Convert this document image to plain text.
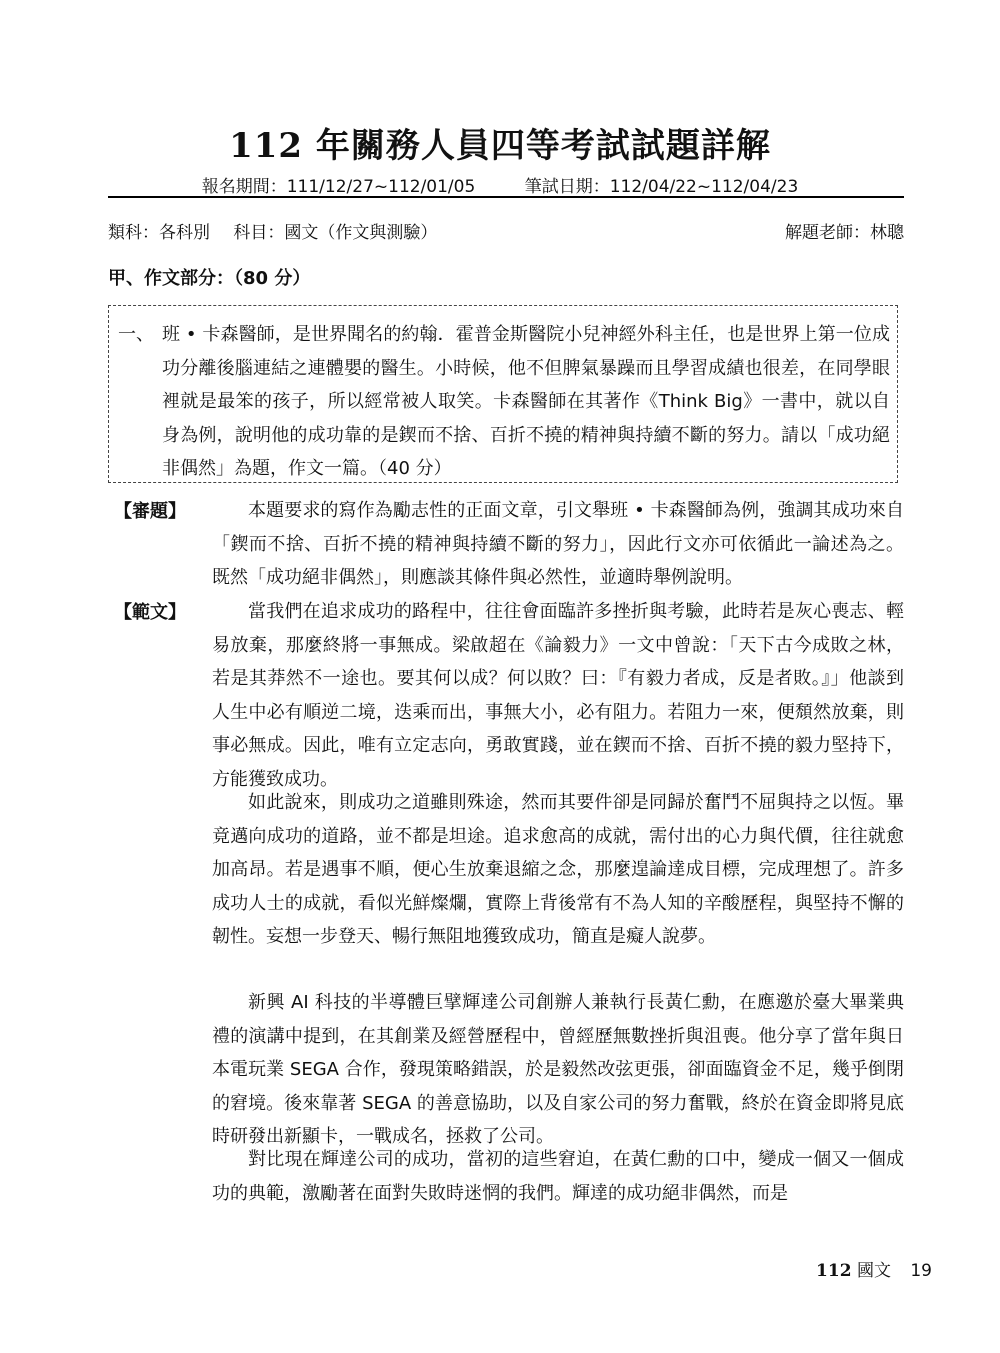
112 年關務人員四等考試試題詳解
報名期間：111/12/27~112/01/05	筆試日期：112/04/22~112/04/23
類科：各科別 科目：國文（作文與測驗）	解題老師：林聰
甲、作文部分：（80 分）
一、 班 • 卡森醫師，是世界聞名的約翰．霍普金斯醫院小兒神經外科主任，也是世界上第一位成功分離後腦連結之連體嬰的醫生。小時候，他不但脾氣暴躁而且學習成績也很差，在同學眼裡就是最笨的孩子，所以經常被人取笑。卡森醫師在其著作《Think Big》一書中，就以自身為例，說明他的成功靠的是鍥而不捨、百折不撓的精神與持續不斷的努力。請以「成功絕非偶然」為題，作文一篇。（40 分）

【審題】	本題要求的寫作為勵志性的正面文章，引文舉班 • 卡森醫師為例，強調其成功來自「鍥而不捨、百折不撓的精神與持續不斷的努力」，因此行文亦可依循此一論述為之。既然「成功絕非偶然」，則應談其條件與必然性，並適時舉例說明。

【範文】	當我們在追求成功的路程中，往往會面臨許多挫折與考驗，此時若是灰心喪志、輕易放棄，那麼終將一事無成。梁啟超在《論毅力》一文中曾說：「天下古今成敗之林，若是其莽然不一途也。要其何以成？何以敗？曰：『有毅力者成，反是者敗。』」他談到人生中必有順逆二境，迭乘而出，事無大小，必有阻力。若阻力一來，便頹然放棄，則事必無成。因此，唯有立定志向，勇敢實踐，並在鍥而不捨、百折不撓的毅力堅持下，方能獲致成功。

如此說來，則成功之道雖則殊途，然而其要件卻是同歸於奮鬥不屈與持之以恆。畢竟邁向成功的道路，並不都是坦途。追求愈高的成就，需付出的心力與代價，往往就愈加高昂。若是遇事不順，便心生放棄退縮之念，那麼遑論達成目標，完成理想了。許多成功人士的成就，看似光鮮燦爛，實際上背後常有不為人知的辛酸歷程，與堅持不懈的韌性。妄想一步登天、暢行無阻地獲致成功，簡直是癡人說夢。

新興 AI 科技的半導體巨擘輝達公司創辦人兼執行長黃仁勳，在應邀於臺大畢業典禮的演講中提到，在其創業及經營歷程中，曾經歷無數挫折與沮喪。他分享了當年與日本電玩業 SEGA 合作，發現策略錯誤，於是毅然改弦更張，卻面臨資金不足，幾乎倒閉的窘境。後來靠著 SEGA 的善意協助，以及自家公司的努力奮戰，終於在資金即將見底時研發出新顯卡，一戰成名，拯救了公司。

對比現在輝達公司的成功，當初的這些窘迫，在黃仁勳的口中，變成一個又一個成功的典範，激勵著在面對失敗時迷惘的我們。輝達的成功絕非偶然，而是

112 國文 19
